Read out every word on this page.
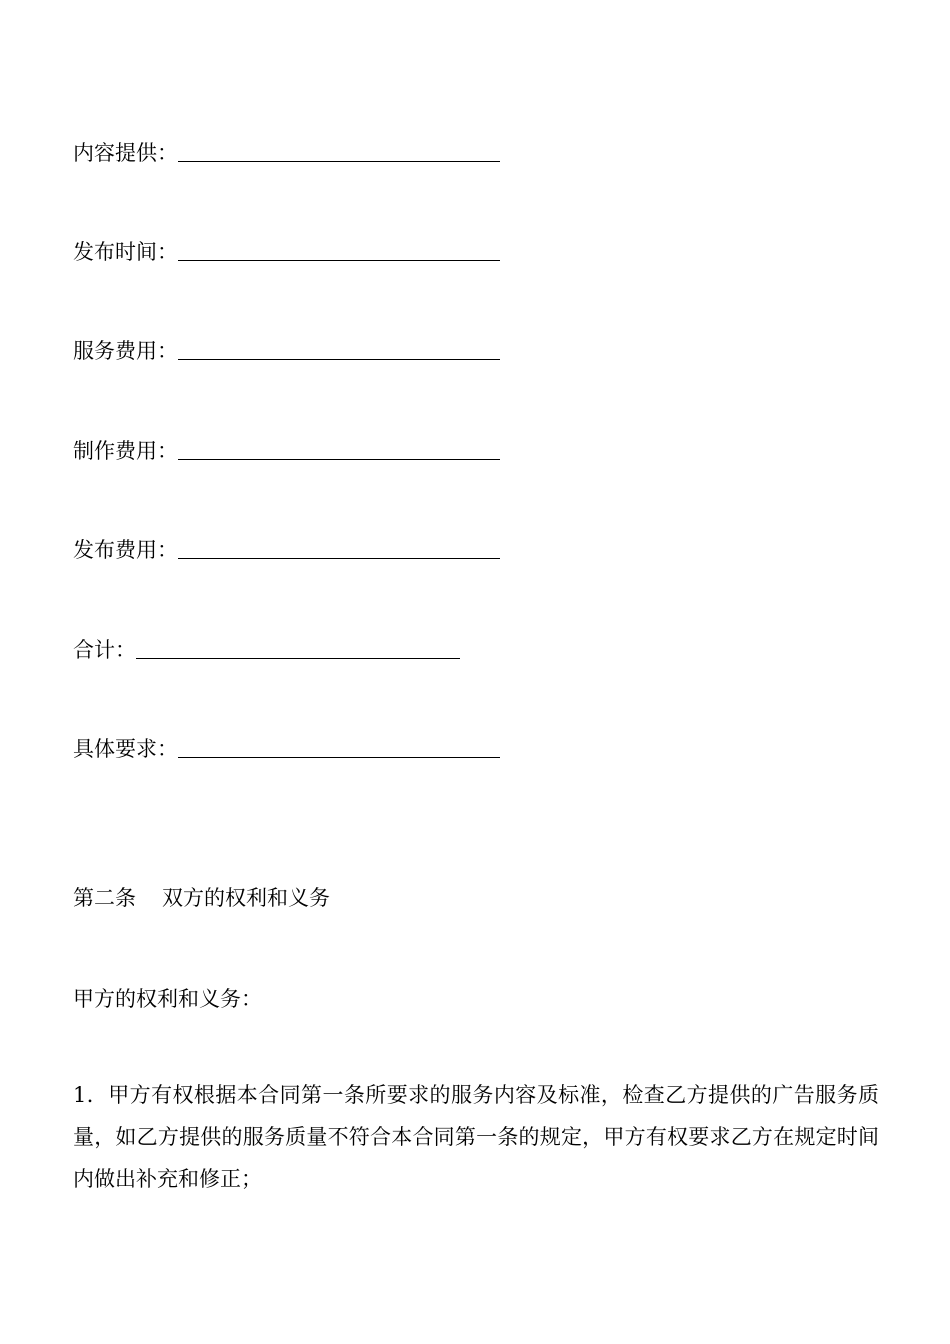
内容提供：
发布时间：
服务费用：
制作费用：
发布费用：
合计：
具体要求：
第二条 双方的权利和义务
甲方的权利和义务：
1．甲方有权根据本合同第一条所要求的服务内容及标准，检查乙方提供的广告服务质量，如乙方提供的服务质量不符合本合同第一条的规定，甲方有权要求乙方在规定时间内做出补充和修正；
